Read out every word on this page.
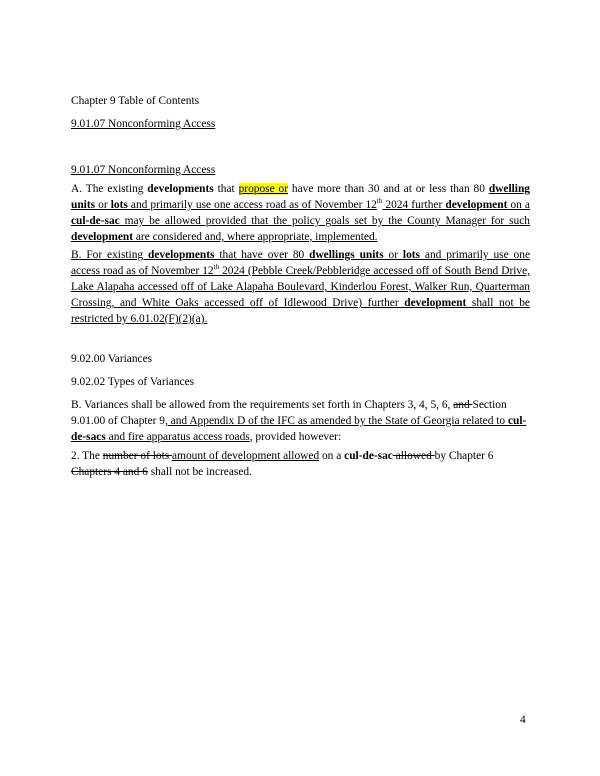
Chapter 9 Table of Contents

9.01.07 Nonconforming Access

9.01.07 Nonconforming Access

A. The existing developments that propose or have more than 30 and at or less than 80 dwelling units or lots and primarily use one access road as of November 12th 2024 further development on a cul-de-sac may be allowed provided that the policy goals set by the County Manager for such development are considered and, where appropriate, implemented.

B. For existing developments that have over 80 dwellings units or lots and primarily use one access road as of November 12th 2024 (Pebble Creek/Pebbleridge accessed off of South Bend Drive, Lake Alapaha accessed off of Lake Alapaha Boulevard, Kinderlou Forest, Walker Run, Quarterman Crossing, and White Oaks accessed off of Idlewood Drive) further development shall not be restricted by 6.01.02(F)(2)(a).

9.02.00 Variances

9.02.02 Types of Variances

B. Variances shall be allowed from the requirements set forth in Chapters 3, 4, 5, 6, and Section 9.01.00 of Chapter 9, and Appendix D of the IFC as amended by the State of Georgia related to cul-de-sacs and fire apparatus access roads, provided however:

2. The number of lots amount of development allowed on a cul-de-sac allowed by Chapter 6 Chapters 4 and 6 shall not be increased.

4
